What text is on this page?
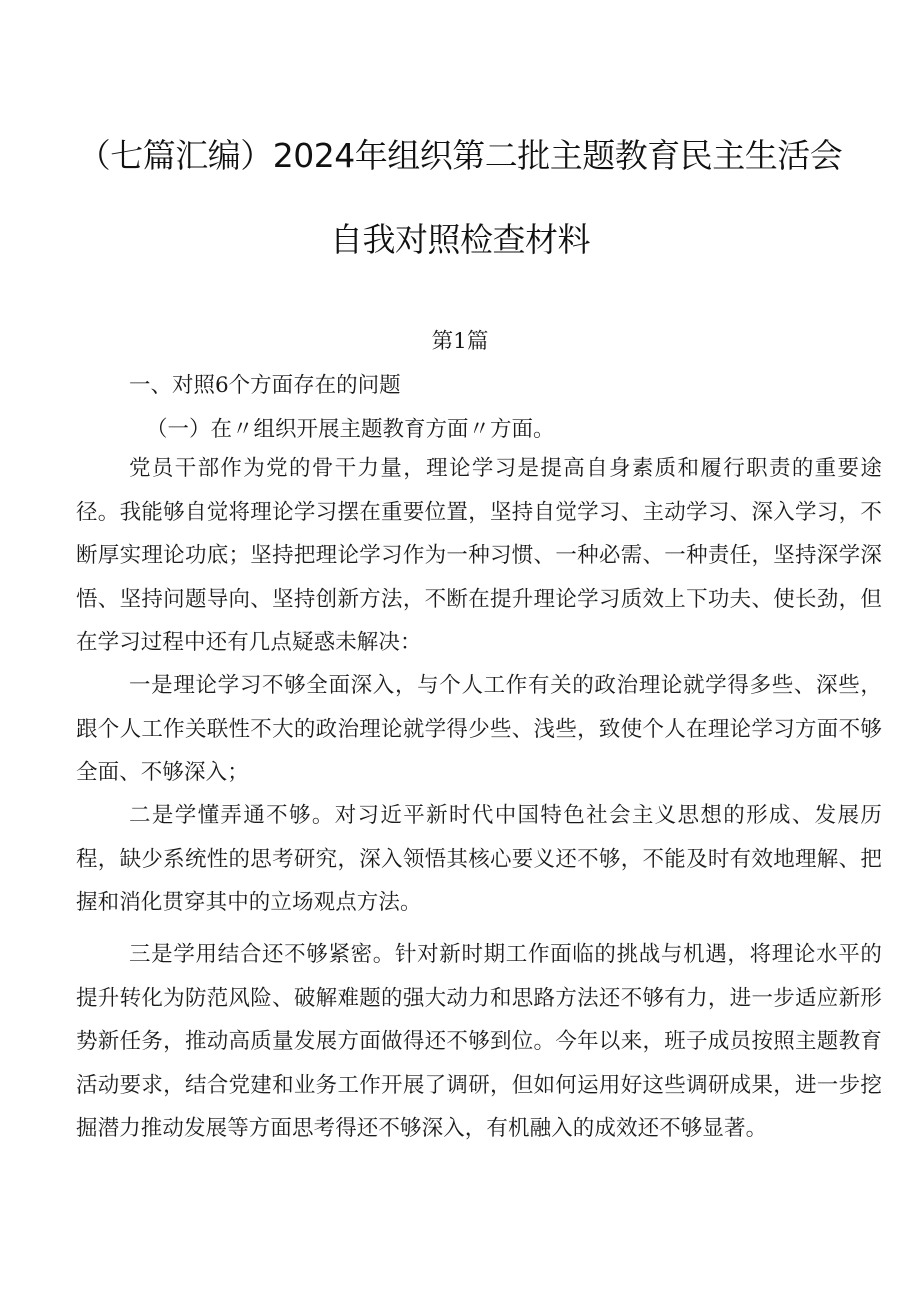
（七篇汇编）2024年组织第二批主题教育民主生活会
自我对照检查材料

第1篇

一、对照6个方面存在的问题

（一）在〃组织开展主题教育方面〃方面。

党员干部作为党的骨干力量，理论学习是提高自身素质和履行职责的重要途径。我能够自觉将理论学习摆在重要位置，坚持自觉学习、主动学习、深入学习，不断厚实理论功底；坚持把理论学习作为一种习惯、一种必需、一种责任，坚持深学深悟、坚持问题导向、坚持创新方法，不断在提升理论学习质效上下功夫、使长劲，但在学习过程中还有几点疑惑未解决：

一是理论学习不够全面深入，与个人工作有关的政治理论就学得多些、深些，跟个人工作关联性不大的政治理论就学得少些、浅些，致使个人在理论学习方面不够全面、不够深入；

二是学懂弄通不够。对习近平新时代中国特色社会主义思想的形成、发展历程，缺少系统性的思考研究，深入领悟其核心要义还不够，不能及时有效地理解、把握和消化贯穿其中的立场观点方法。

三是学用结合还不够紧密。针对新时期工作面临的挑战与机遇，将理论水平的提升转化为防范风险、破解难题的强大动力和思路方法还不够有力，进一步适应新形势新任务，推动高质量发展方面做得还不够到位。今年以来，班子成员按照主题教育活动要求，结合党建和业务工作开展了调研，但如何运用好这些调研成果，进一步挖掘潜力推动发展等方面思考得还不够深入，有机融入的成效还不够显著。
